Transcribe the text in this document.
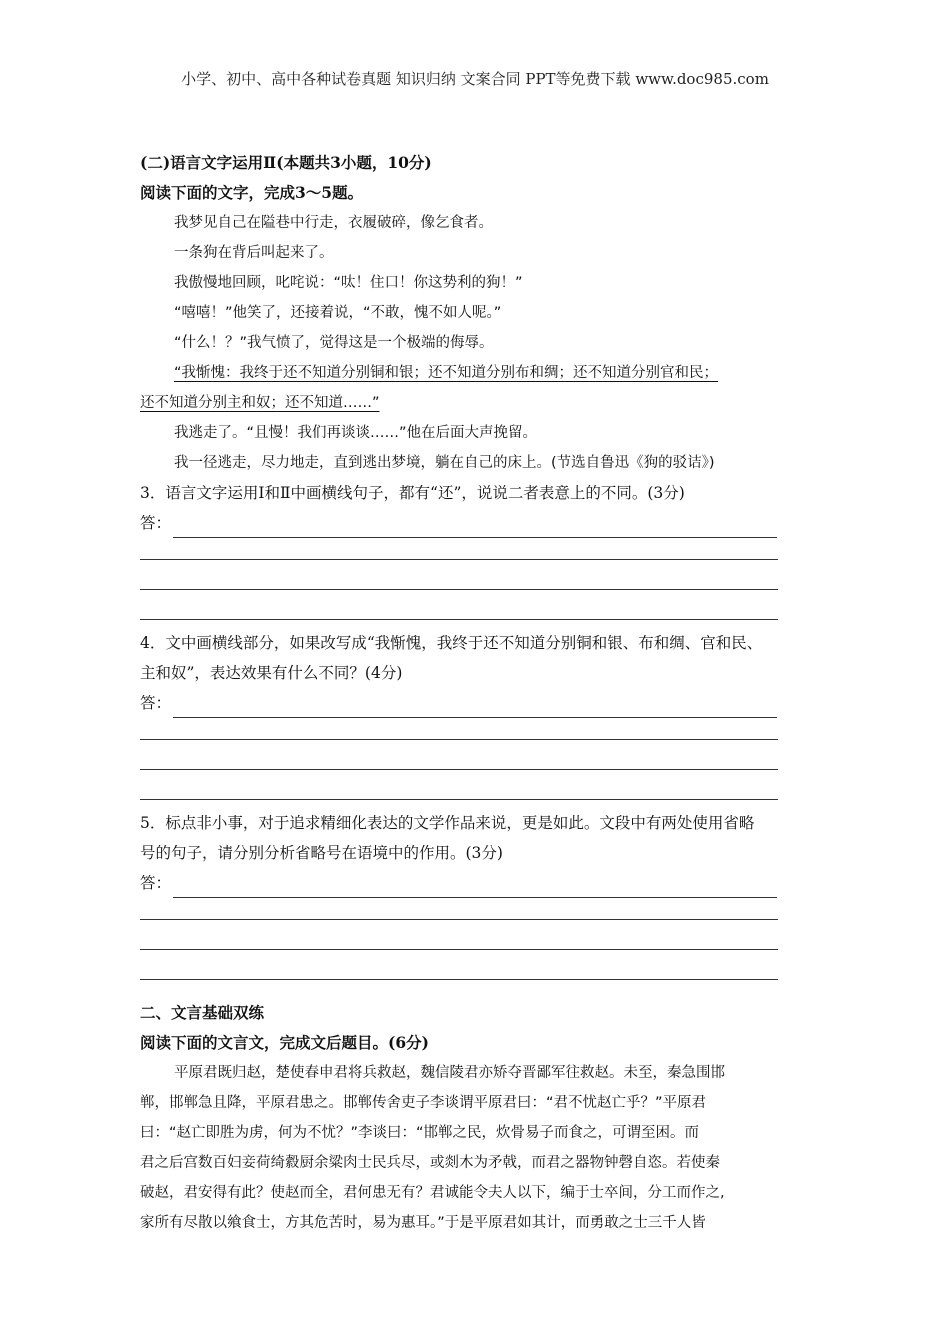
小学、初中、高中各种试卷真题 知识归纳 文案合同 PPT等免费下载 www.doc985.com
(二)语言文字运用Ⅱ(本题共3小题，10分)
阅读下面的文字，完成3～5题。
我梦见自己在隘巷中行走，衣履破碎，像乞食者。
一条狗在背后叫起来了。
我傲慢地回顾，叱咤说：“呔！住口！你这势利的狗！”
“嘻嘻！”他笑了，还接着说，“不敢，愧不如人呢。”
“什么！？”我气愤了，觉得这是一个极端的侮辱。
“我惭愧：我终于还不知道分别铜和银；还不知道分别布和绸；还不知道分别官和民；
还不知道分别主和奴；还不知道……”
我逃走了。“且慢！我们再谈谈……”他在后面大声挽留。
我一径逃走，尽力地走，直到逃出梦境，躺在自己的床上。(节选自鲁迅《狗的驳诘》)
3．语言文字运用Ⅰ和Ⅱ中画横线句子，都有“还”，说说二者表意上的不同。(3分)
答：
4．文中画横线部分，如果改写成“我惭愧，我终于还不知道分别铜和银、布和绸、官和民、
主和奴”，表达效果有什么不同？(4分)
答：
5．标点非小事，对于追求精细化表达的文学作品来说，更是如此。文段中有两处使用省略
号的句子，请分别分析省略号在语境中的作用。(3分)
答：
二、文言基础双练
阅读下面的文言文，完成文后题目。(6分)
平原君既归赵，楚使春申君将兵救赵，魏信陵君亦矫夺晋鄙军往救赵。未至，秦急围邯
郸，邯郸急且降，平原君患之。邯郸传舍吏子李谈谓平原君曰：“君不忧赵亡乎？”平原君
曰：“赵亡即胜为虏，何为不忧？”李谈曰：“邯郸之民，炊骨易子而食之，可谓至困。而
君之后宫数百妇妾荷绮縠厨余粱肉士民兵尽，或剡木为矛戟，而君之器物钟磬自恣。若使秦
破赵，君安得有此？使赵而全，君何患无有？君诚能令夫人以下，编于士卒间，分工而作之,
家所有尽散以飨食士，方其危苦时，易为惠耳。”于是平原君如其计，而勇敢之士三千人皆
